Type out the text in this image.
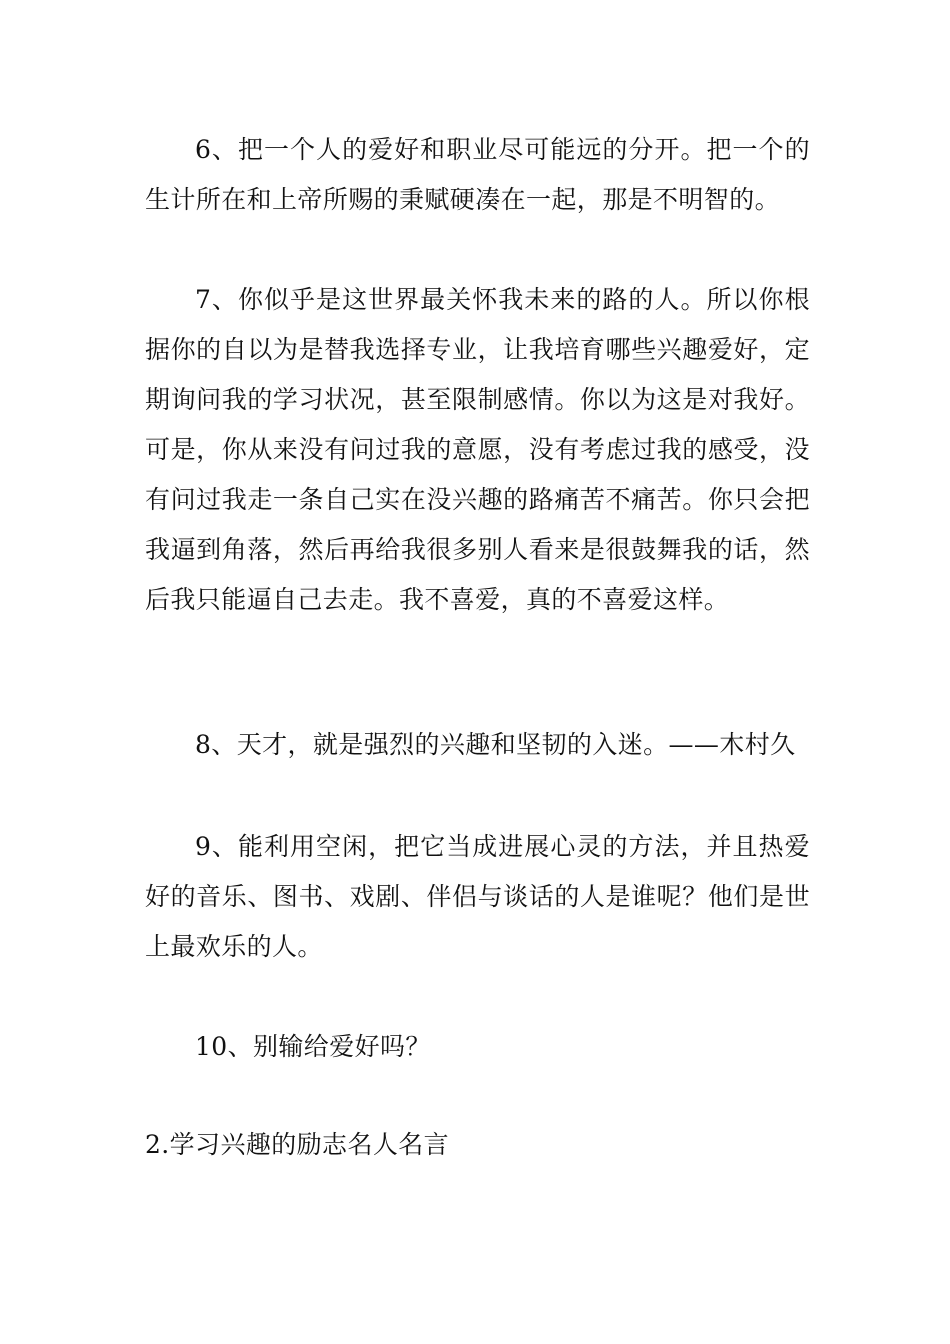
6、把一个人的爱好和职业尽可能远的分开。把一个的生计所在和上帝所赐的秉赋硬凑在一起，那是不明智的。

7、你似乎是这世界最关怀我未来的路的人。所以你根据你的自以为是替我选择专业，让我培育哪些兴趣爱好，定期询问我的学习状况，甚至限制感情。你以为这是对我好。可是，你从来没有问过我的意愿，没有考虑过我的感受，没有问过我走一条自己实在没兴趣的路痛苦不痛苦。你只会把我逼到角落，然后再给我很多别人看来是很鼓舞我的话，然后我只能逼自己去走。我不喜爱，真的不喜爱这样。

8、天才，就是强烈的兴趣和坚韧的入迷。——木村久

9、能利用空闲，把它当成进展心灵的方法，并且热爱好的音乐、图书、戏剧、伴侣与谈话的人是谁呢？他们是世上最欢乐的人。

10、别输给爱好吗？

2.学习兴趣的励志名人名言
